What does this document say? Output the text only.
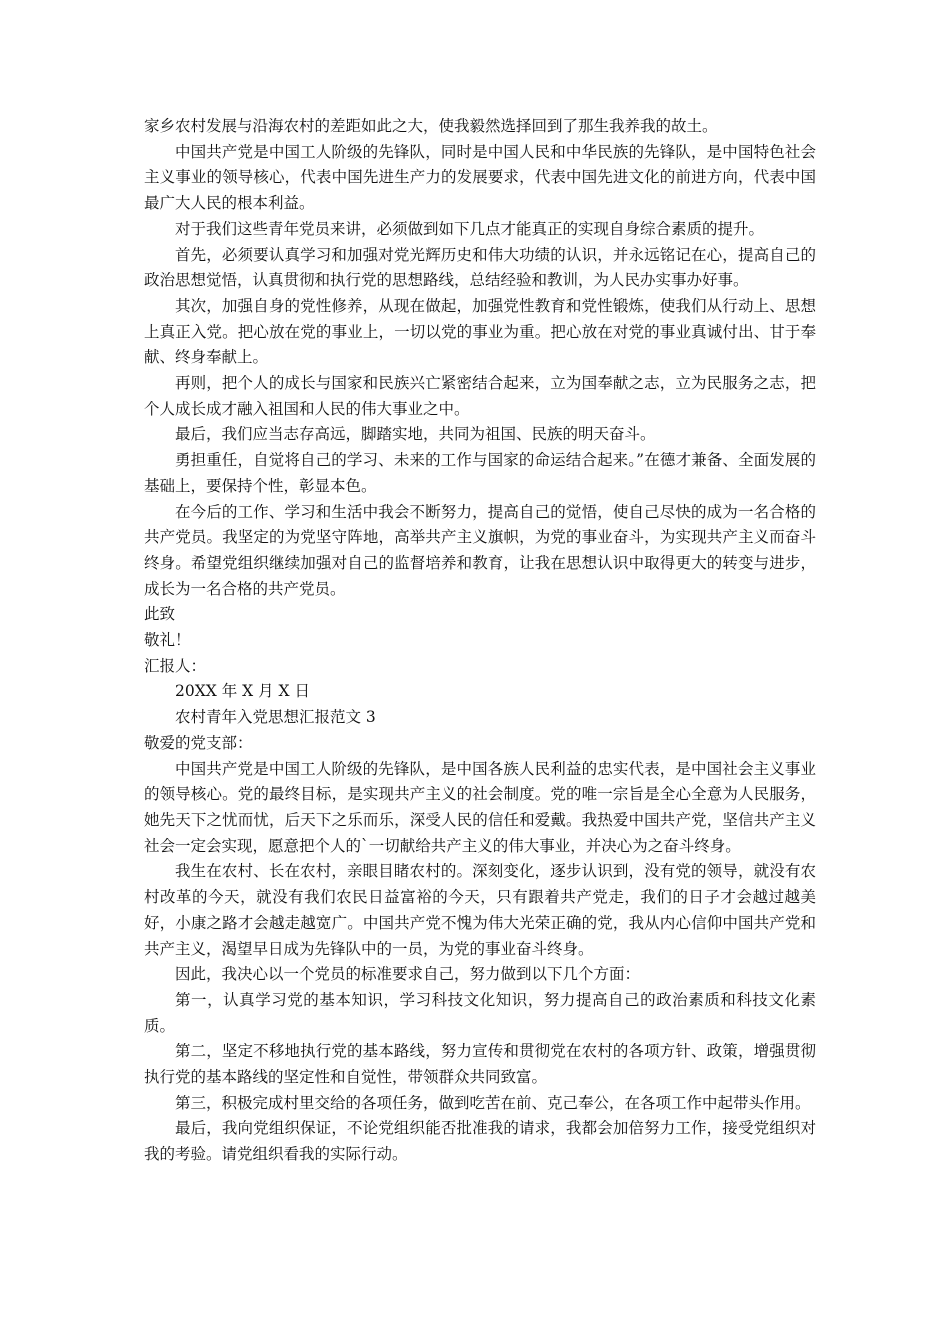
家乡农村发展与沿海农村的差距如此之大，使我毅然选择回到了那生我养我的故土。

中国共产党是中国工人阶级的先锋队，同时是中国人民和中华民族的先锋队，是中国特色社会主义事业的领导核心，代表中国先进生产力的发展要求，代表中国先进文化的前进方向，代表中国最广大人民的根本利益。

对于我们这些青年党员来讲，必须做到如下几点才能真正的实现自身综合素质的提升。

首先，必须要认真学习和加强对党光辉历史和伟大功绩的认识，并永远铭记在心，提高自己的政治思想觉悟，认真贯彻和执行党的思想路线，总结经验和教训，为人民办实事办好事。

其次，加强自身的党性修养，从现在做起，加强党性教育和党性锻炼，使我们从行动上、思想上真正入党。把心放在党的事业上，一切以党的事业为重。把心放在对党的事业真诚付出、甘于奉献、终身奉献上。

再则，把个人的成长与国家和民族兴亡紧密结合起来，立为国奉献之志，立为民服务之志，把个人成长成才融入祖国和人民的伟大事业之中。

最后，我们应当志存高远，脚踏实地，共同为祖国、民族的明天奋斗。

勇担重任，自觉将自己的学习、未来的工作与国家的命运结合起来。”在德才兼备、全面发展的基础上，要保持个性，彰显本色。

在今后的工作、学习和生活中我会不断努力，提高自己的觉悟，使自己尽快的成为一名合格的共产党员。我坚定的为党坚守阵地，高举共产主义旗帜，为党的事业奋斗，为实现共产主义而奋斗终身。希望党组织继续加强对自己的监督培养和教育，让我在思想认识中取得更大的转变与进步，成长为一名合格的共产党员。

此致

敬礼！

汇报人：

20XX 年 X 月 X 日

农村青年入党思想汇报范文 3

敬爱的党支部：

中国共产党是中国工人阶级的先锋队，是中国各族人民利益的忠实代表，是中国社会主义事业的领导核心。党的最终目标，是实现共产主义的社会制度。党的唯一宗旨是全心全意为人民服务，她先天下之忧而忧，后天下之乐而乐，深受人民的信任和爱戴。我热爱中国共产党，坚信共产主义社会一定会实现，愿意把个人的`一切献给共产主义的伟大事业，并决心为之奋斗终身。

我生在农村、长在农村，亲眼目睹农村的。深刻变化，逐步认识到，没有党的领导，就没有农村改革的今天，就没有我们农民日益富裕的今天，只有跟着共产党走，我们的日子才会越过越美好，小康之路才会越走越宽广。中国共产党不愧为伟大光荣正确的党，我从内心信仰中国共产党和共产主义，渴望早日成为先锋队中的一员，为党的事业奋斗终身。

因此，我决心以一个党员的标准要求自己，努力做到以下几个方面：

第一，认真学习党的基本知识，学习科技文化知识，努力提高自己的政治素质和科技文化素质。

第二，坚定不移地执行党的基本路线，努力宣传和贯彻党在农村的各项方针、政策，增强贯彻执行党的基本路线的坚定性和自觉性，带领群众共同致富。

第三，积极完成村里交给的各项任务，做到吃苦在前、克己奉公，在各项工作中起带头作用。

最后，我向党组织保证，不论党组织能否批准我的请求，我都会加倍努力工作，接受党组织对我的考验。请党组织看我的实际行动。
